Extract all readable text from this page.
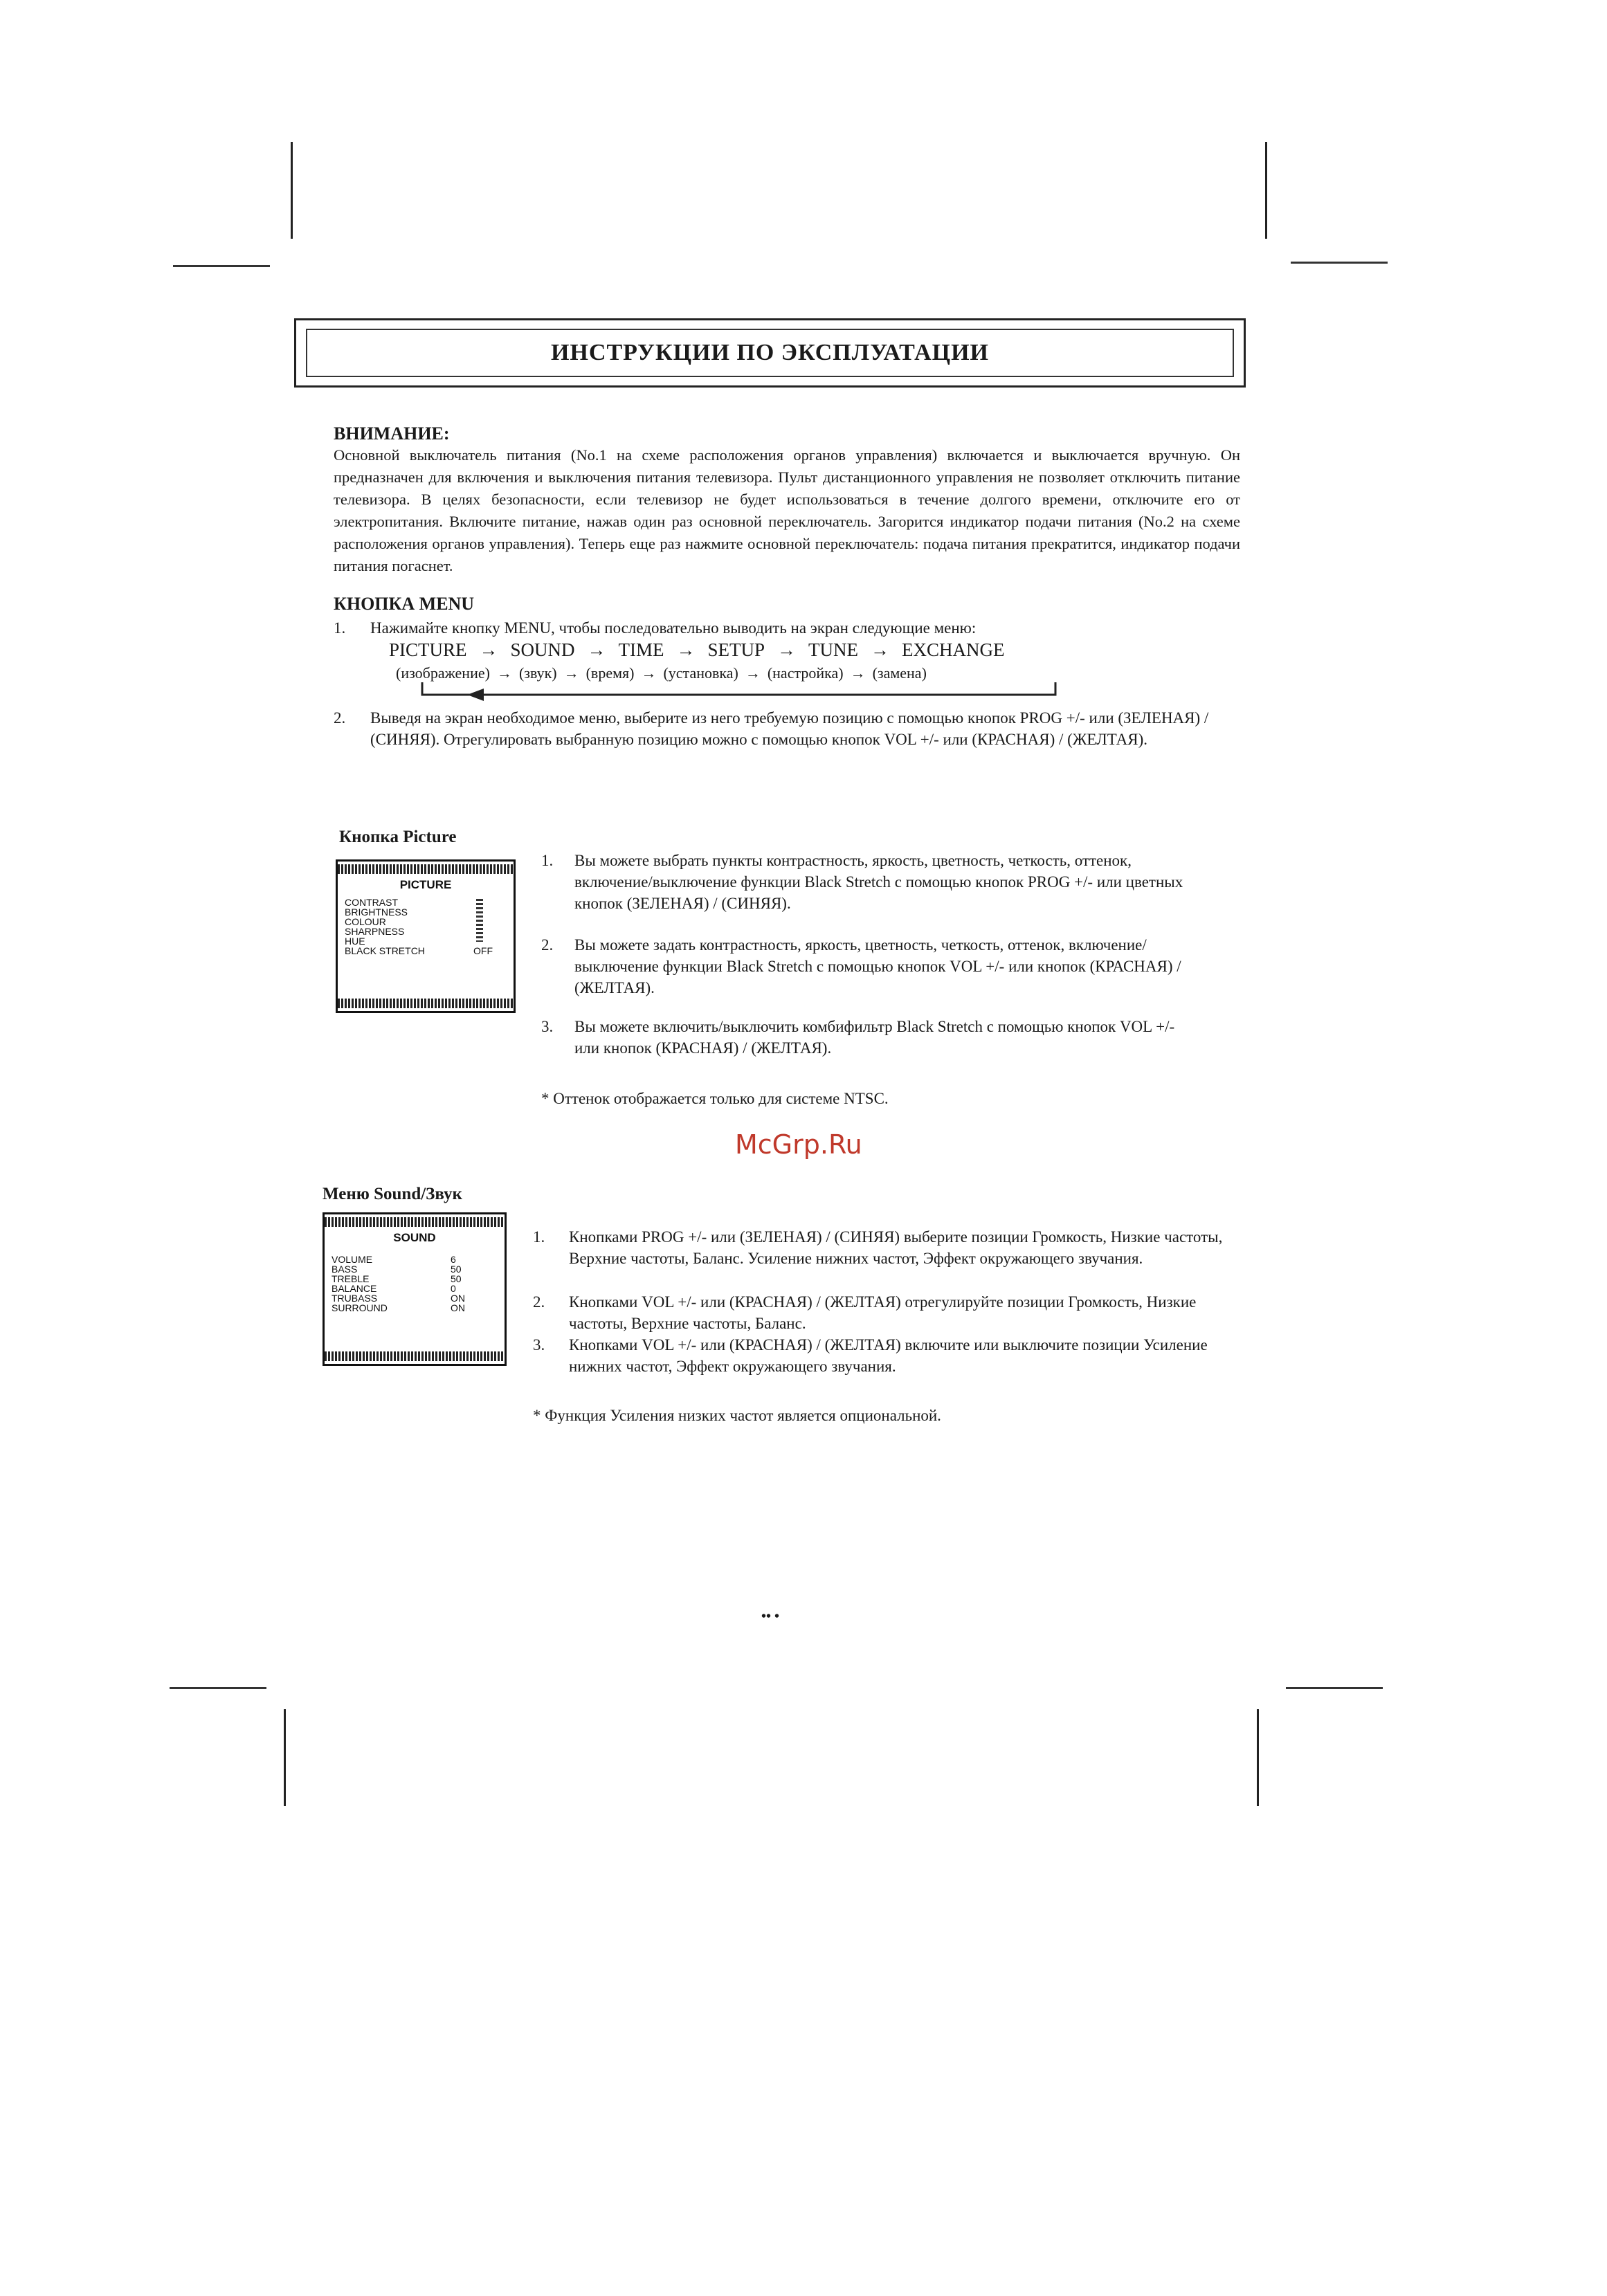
ИНСТРУКЦИИ ПО ЭКСПЛУАТАЦИИ
ВНИМАНИЕ:
Основной выключатель питания (No.1 на схеме расположения органов управления) включается и выключается вручную. Он предназначен для включения и выключения питания телевизора. Пульт дистанционного управления не позволяет отключить питание телевизора. В целях безопасности, если телевизор не будет использоваться в течение долгого времени, отключите его от электропитания. Включите питание, нажав один раз основной переключатель. Загорится индикатор подачи питания (No.2 на схеме расположения органов управления). Теперь еще раз нажмите основной переключатель: подача питания прекратится, индикатор подачи питания погаснет.
КНОПКА MENU
1. Нажимайте кнопку MENU, чтобы последовательно выводить на экран следующие меню:
PICTURE → SOUND → TIME → SETUP → TUNE → EXCHANGE
(изображение) → (звук) → (время) → (установка) → (настройка) → (замена)
2. Выведя на экран необходимое меню, выберите из него требуемую позицию с помощью кнопок PROG +/- или (ЗЕЛЕНАЯ) / (СИНЯЯ). Отрегулировать выбранную позицию можно с помощью кнопок VOL +/- или (КРАСНАЯ) / (ЖЕЛТАЯ).
Кнопка Picture
PICTURE
CONTRAST
BRIGHTNESS
COLOUR
SHARPNESS
HUE
BLACK STRETCH	OFF
1. Вы можете выбрать пункты контрастность, яркость, цветность, четкость, оттенок, включение/выключение функции Black Stretch с помощью кнопок PROG +/- или цветных кнопок (ЗЕЛЕНАЯ) / (СИНЯЯ).
2. Вы можете задать контрастность, яркость, цветность, четкость, оттенок, включение/выключение функции Black Stretch с помощью кнопок VOL +/- или кнопок (КРАСНАЯ) / (ЖЕЛТАЯ).
3. Вы можете включить/выключить комбифильтр Black Stretch с помощью кнопок VOL +/- или кнопок (КРАСНАЯ) / (ЖЕЛТАЯ).
* Оттенок отображается только для системе NTSC.
McGrp.Ru
Меню Sound/Звук
SOUND
VOLUME
BASS
TREBLE
BALANCE
TRUBASS
SURROUND
6
50
50
0
ON
ON
1. Кнопками PROG +/- или (ЗЕЛЕНАЯ) / (СИНЯЯ) выберите позиции Громкость, Низкие частоты, Верхние частоты, Баланс. Усиление нижних частот, Эффект окружающего звучания.
2. Кнопками VOL +/- или (КРАСНАЯ) / (ЖЕЛТАЯ) отрегулируйте позиции Громкость, Низкие частоты, Верхние частоты, Баланс.
3. Кнопками VOL +/- или (КРАСНАЯ) / (ЖЕЛТАЯ) включите или выключите позиции Усиление нижних частот, Эффект окружающего звучания.
* Функция Усиления низких частот является опциональной.
•• •
